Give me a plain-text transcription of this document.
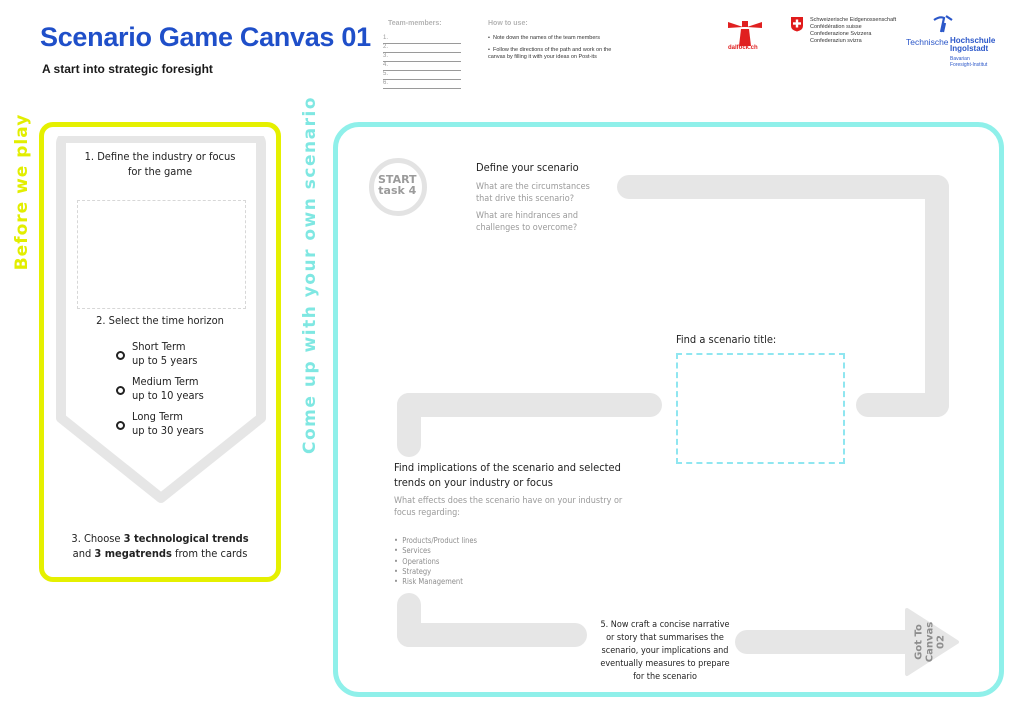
Scenario Game Canvas 01
A start into strategic foresight
Team-members:
1.
2.
3.
4.
5.
6.
How to use:
•  Note down the names of the team members
•  Follow the directions of the path and work on the canvas by filling it with your ideas on Post-its
dalfock.ch
Schweizerische Eidgenossenschaft
Confédération suisse
Confederazione Svizzera
Confederaziun svizra	Technische Hochschule
Ingolstadt
Bavarian
Foresight-Institut
Before we play	1. Define the industry or focus
for the game
2. Select the time horizon
Short Term
up to 5 years
Medium Term
up to 10 years
Long Term
up to 30 years
3. Choose 3 technological trends
and 3 megatrends from the cards
Come up with your own scenario
Got To Canvas 02
START
task 4
Define your scenario
What are the circumstances
that drive this scenario?
What are hindrances and
challenges to overcome?
Find a scenario title:
Find implications of the scenario and selected
trends on your industry or focus
What effects does the scenario have on your industry or
focus regarding:
•  Products/Product lines
•  Services
•  Operations
•  Strategy
•  Risk Management
5. Now craft a concise narrative
or story that summarises the
scenario, your implications and
eventually measures to prepare
for the scenario
